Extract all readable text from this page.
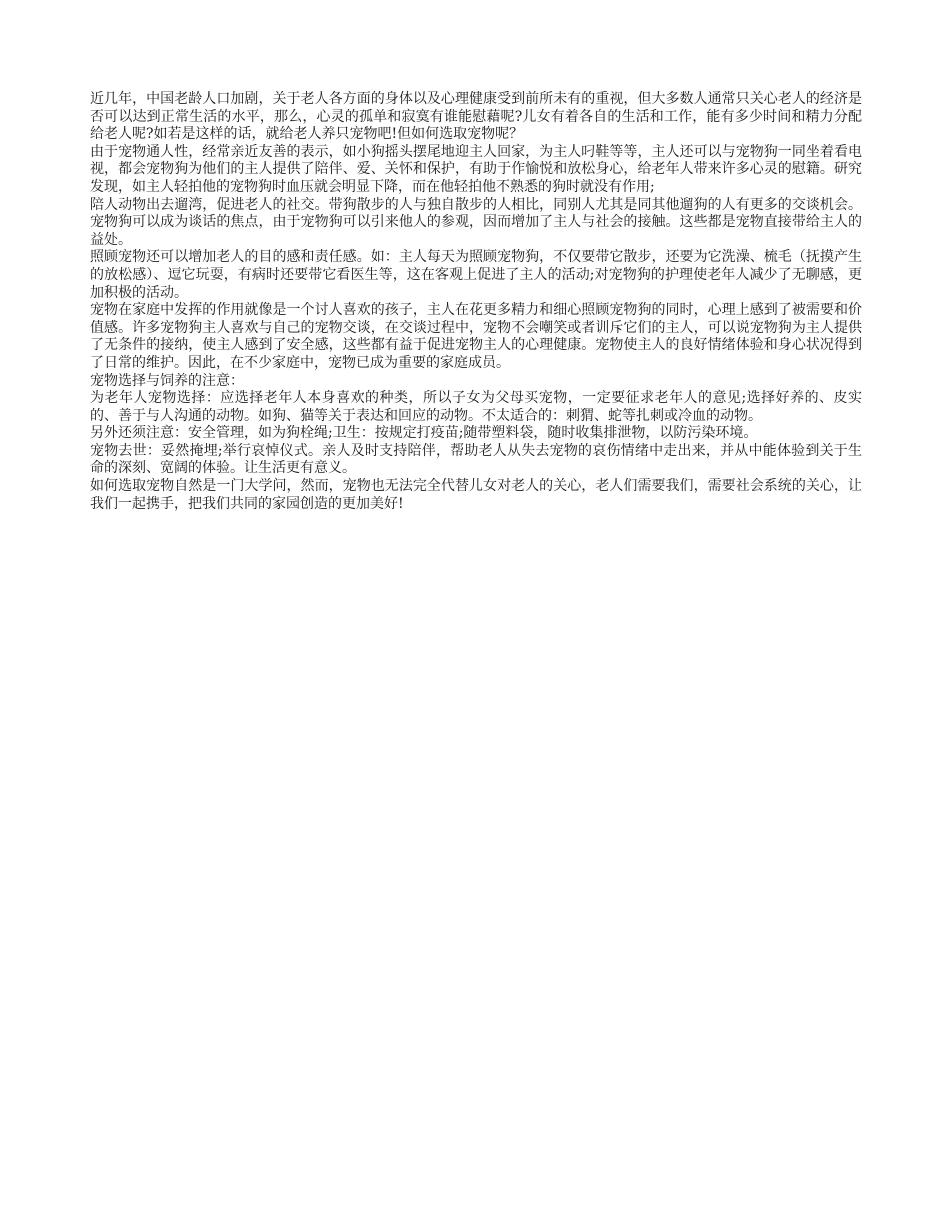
近几年，中国老龄人口加剧，关于老人各方面的身体以及心理健康受到前所未有的重视，但大多数人通常只关心老人的经济是否可以达到正常生活的水平，那么，心灵的孤单和寂寞有谁能慰藉呢?儿女有着各自的生活和工作，能有多少时间和精力分配给老人呢?如若是这样的话，就给老人养只宠物吧!但如何选取宠物呢？

由于宠物通人性，经常亲近友善的表示，如小狗摇头摆尾地迎主人回家，为主人叼鞋等等，主人还可以与宠物狗一同坐着看电视，都会宠物狗为他们的主人提供了陪伴、爱、关怀和保护，有助于作愉悦和放松身心，给老年人带来许多心灵的慰籍。研究发现，如主人轻拍他的宠物狗时血压就会明显下降，而在他轻拍他不熟悉的狗时就没有作用;

陪人动物出去遛湾，促进老人的社交。带狗散步的人与独自散步的人相比，同别人尤其是同其他遛狗的人有更多的交谈机会。宠物狗可以成为谈话的焦点，由于宠物狗可以引来他人的参观，因而增加了主人与社会的接触。这些都是宠物直接带给主人的益处。

照顾宠物还可以增加老人的目的感和责任感。如：主人每天为照顾宠物狗，不仅要带它散步，还要为它洗澡、梳毛（抚摸产生的放松感）、逗它玩耍，有病时还要带它看医生等，这在客观上促进了主人的活动;对宠物狗的护理使老年人减少了无聊感，更加积极的活动。

宠物在家庭中发挥的作用就像是一个讨人喜欢的孩子，主人在花更多精力和细心照顾宠物狗的同时，心理上感到了被需要和价值感。许多宠物狗主人喜欢与自己的宠物交谈，在交谈过程中，宠物不会嘲笑或者训斥它们的主人，可以说宠物狗为主人提供了无条件的接纳，使主人感到了安全感，这些都有益于促进宠物主人的心理健康。宠物使主人的良好情绪体验和身心状况得到了日常的维护。因此，在不少家庭中，宠物已成为重要的家庭成员。

宠物选择与饲养的注意：

为老年人宠物选择：应选择老年人本身喜欢的种类，所以子女为父母买宠物，一定要征求老年人的意见;选择好养的、皮实的、善于与人沟通的动物。如狗、猫等关于表达和回应的动物。不太适合的：刺猬、蛇等扎刺或冷血的动物。

另外还须注意：安全管理，如为狗栓绳;卫生：按规定打疫苗;随带塑料袋，随时收集排泄物，以防污染环境。

宠物去世：妥然掩埋;举行哀悼仪式。亲人及时支持陪伴，帮助老人从失去宠物的哀伤情绪中走出来，并从中能体验到关于生命的深刻、宽阔的体验。让生活更有意义。

如何选取宠物自然是一门大学问，然而，宠物也无法完全代替儿女对老人的关心，老人们需要我们，需要社会系统的关心，让我们一起携手，把我们共同的家园创造的更加美好!
